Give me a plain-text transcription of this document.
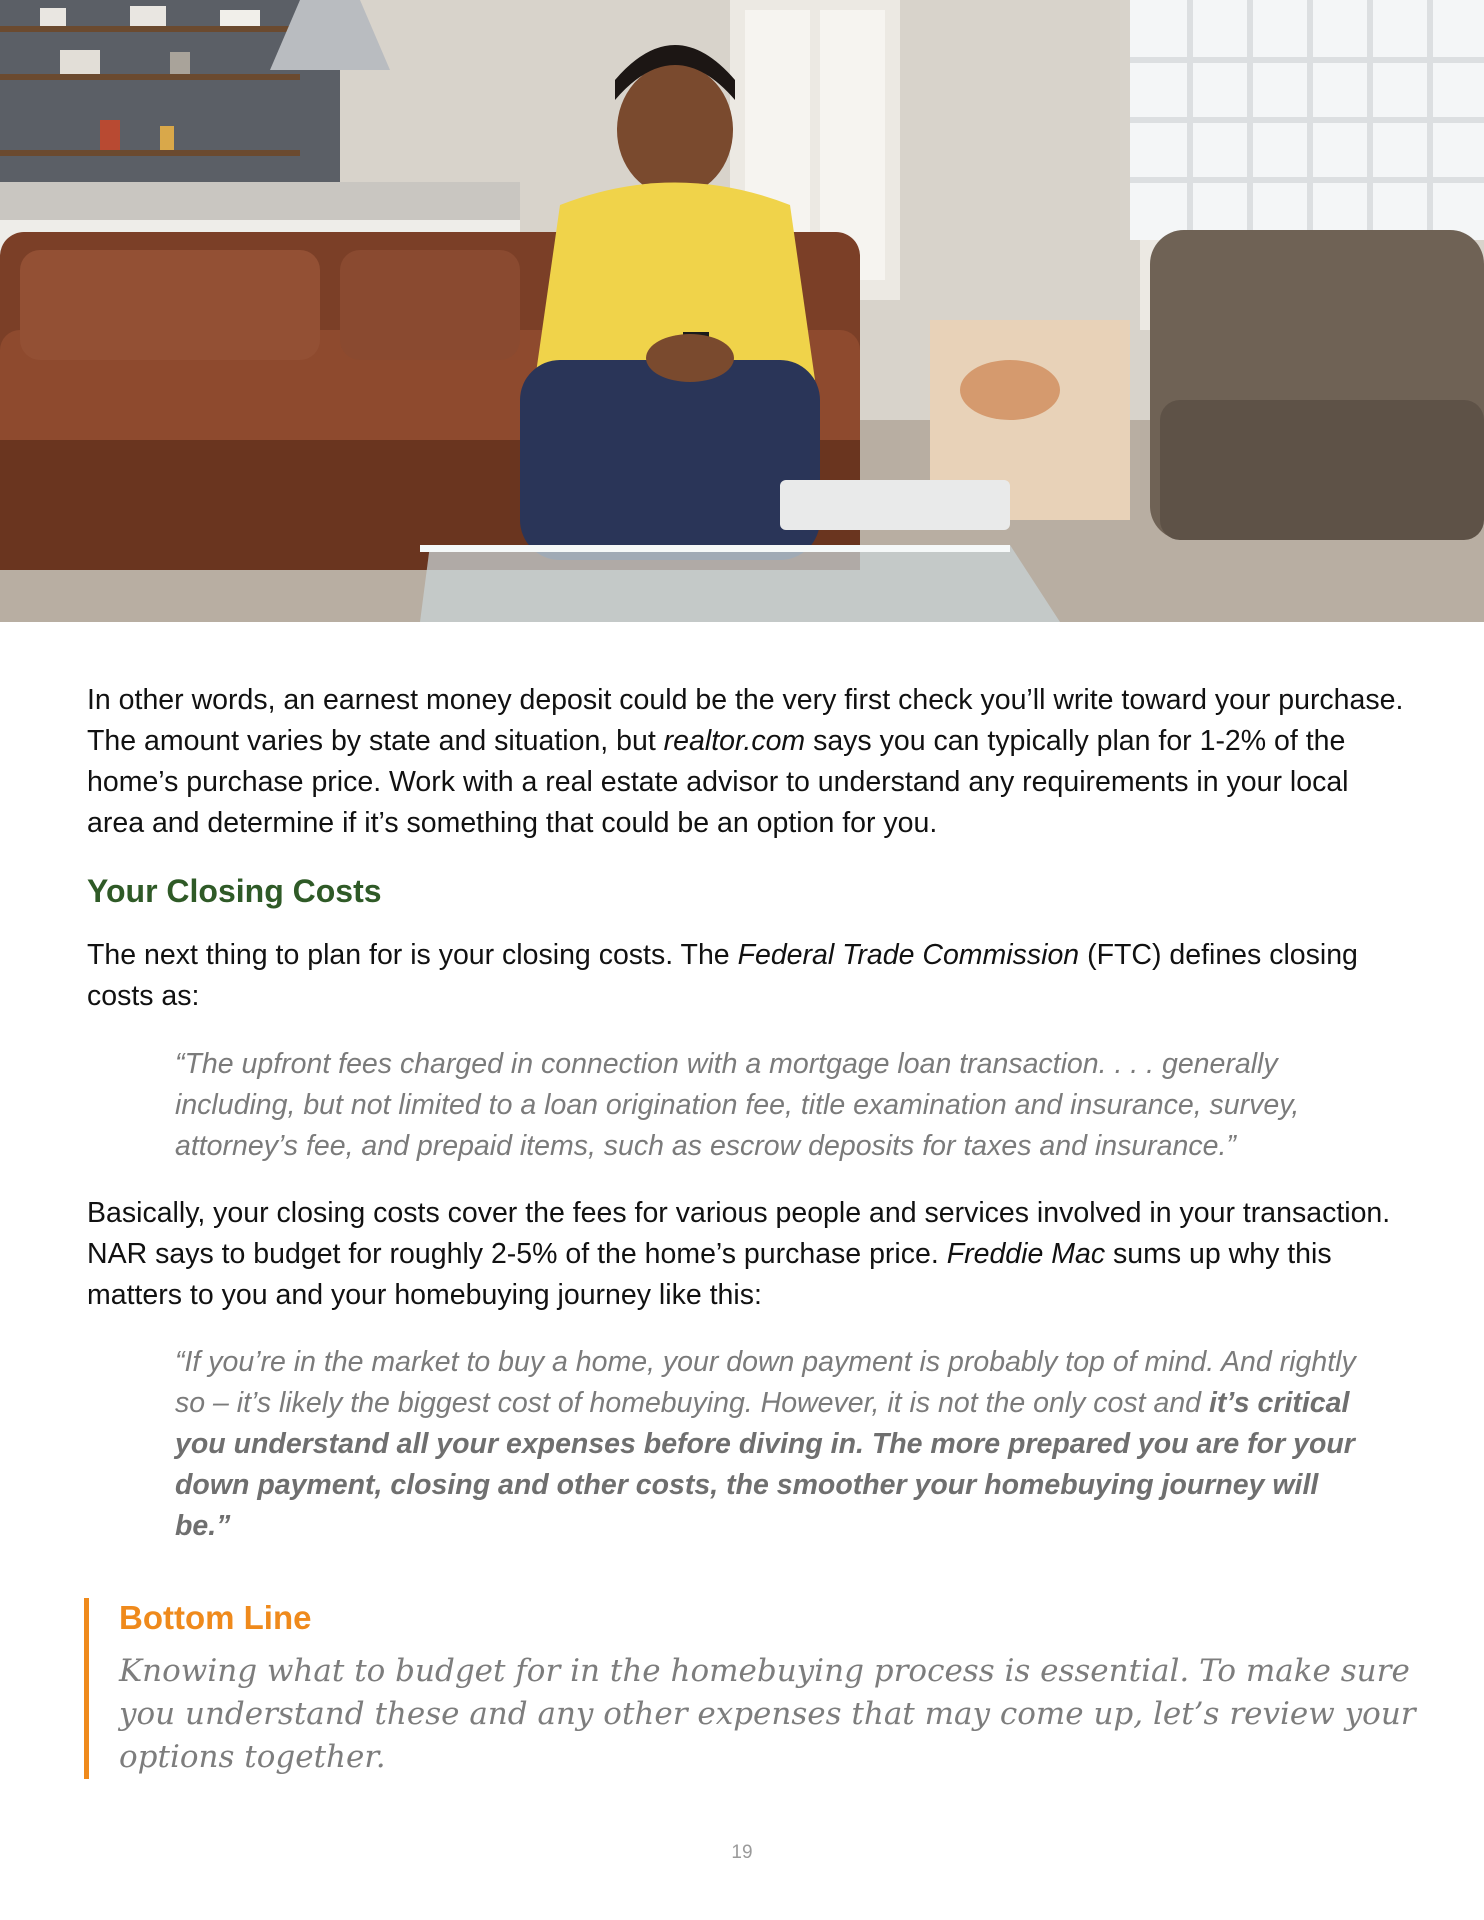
In other words, an earnest money deposit could be the very first check you’ll write toward your purchase. The amount varies by state and situation, but realtor.com says you can typically plan for 1-2% of the home’s purchase price. Work with a real estate advisor to understand any requirements in your local area and determine if it’s something that could be an option for you.

Your Closing Costs

The next thing to plan for is your closing costs. The Federal Trade Commission (FTC) defines closing costs as:

“The upfront fees charged in connection with a mortgage loan transaction. . . . generally including, but not limited to a loan origination fee, title examination and insurance, survey, attorney’s fee, and prepaid items, such as escrow deposits for taxes and insurance.”

Basically, your closing costs cover the fees for various people and services involved in your transaction. NAR says to budget for roughly 2-5% of the home’s purchase price. Freddie Mac sums up why this matters to you and your homebuying journey like this:

“If you’re in the market to buy a home, your down payment is probably top of mind. And rightly so – it’s likely the biggest cost of homebuying. However, it is not the only cost and it’s critical you understand all your expenses before diving in. The more prepared you are for your down payment, closing and other costs, the smoother your homebuying journey will be.”

Bottom Line

Knowing what to budget for in the homebuying process is essential. To make sure you understand these and any other expenses that may come up, let’s review your options together.

19
